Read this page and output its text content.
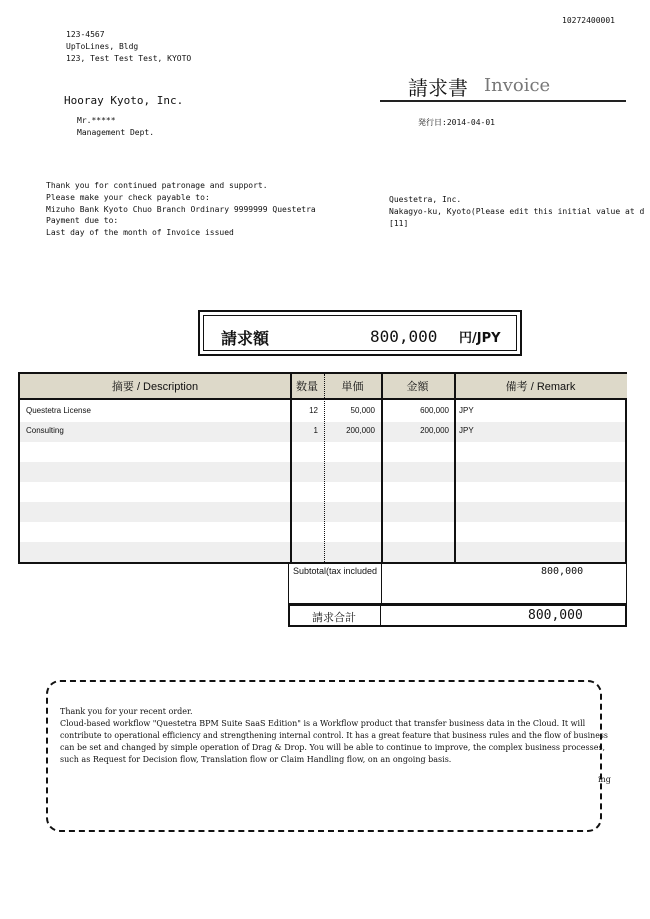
10272400001
123-4567
UpToLines, Bldg
123, Test Test Test, KYOTO
Hooray Kyoto, Inc.
Mr.*****
Management Dept.
請求書 Invoice
発行日:2014-04-01
Thank you for continued patronage and support.
Please make your check payable to:
Mizuho Bank Kyoto Chuo Branch Ordinary 9999999 Questetra
Payment due to:
Last day of the month of Invoice issued
Questetra, Inc.
Nakagyo-ku, Kyoto(Please edit this initial value at d
[11]
請求額	800,000 円/JPY
摘要 / Description	数量	単価	金額	備考 / Remark
Questetra License	12	50,000	600,000 JPY
Consulting	1	200,000	200,000 JPY
Subtotal(tax included	800,000
請求合計	800,000
Thank you for your recent order.
Cloud-based workflow "Questetra BPM Suite SaaS Edition" is a Workflow product that transfer business data in the Cloud. It will
contribute to operational efficiency and strengthening internal control. It has a great feature that business rules and the flow of business
can be set and changed by simple operation of Drag & Drop. You will be able to continue to improve, the complex business processes,
such as Request for Decision flow, Translation flow or Claim Handling flow, on an ongoing basis.
ing
